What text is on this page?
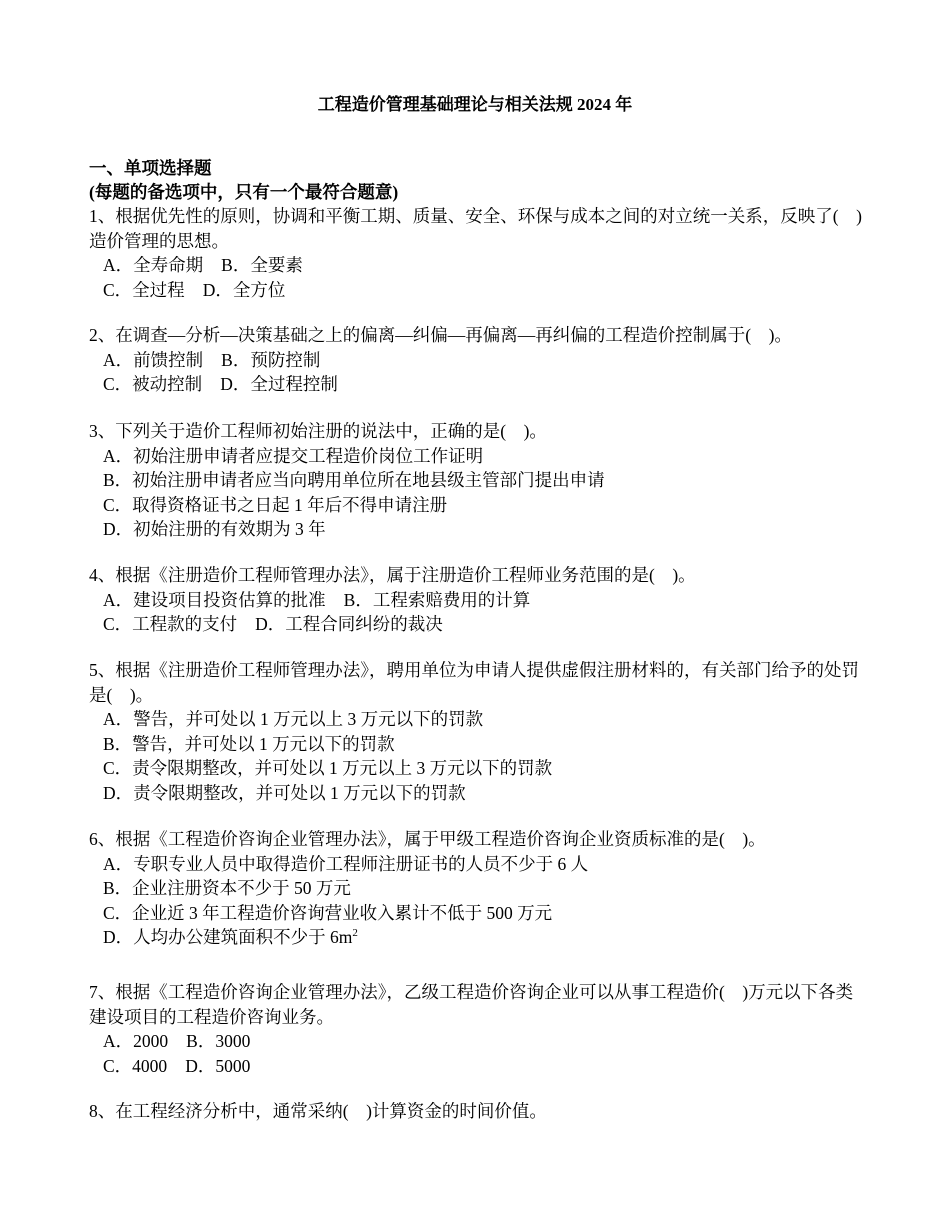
工程造价管理基础理论与相关法规 2024 年
一、单项选择题
(每题的备选项中，只有一个最符合题意)

1、根据优先性的原则，协调和平衡工期、质量、安全、环保与成本之间的对立统一关系，反映了(　)造价管理的思想。

A．全寿命期 B．全要素

C．全过程 D．全方位

2、在调查—分析—决策基础之上的偏离—纠偏—再偏离—再纠偏的工程造价控制属于(　)。

A．前馈控制 B．预防控制

C．被动控制 D．全过程控制

3、下列关于造价工程师初始注册的说法中，正确的是(　)。

A．初始注册申请者应提交工程造价岗位工作证明

B．初始注册申请者应当向聘用单位所在地县级主管部门提出申请

C．取得资格证书之日起 1 年后不得申请注册

D．初始注册的有效期为 3 年

4、根据《注册造价工程师管理办法》，属于注册造价工程师业务范围的是(　)。

A．建设项目投资估算的批准 B．工程索赔费用的计算

C．工程款的支付 D．工程合同纠纷的裁决

5、根据《注册造价工程师管理办法》，聘用单位为申请人提供虚假注册材料的，有关部门给予的处罚是(　)。

A．警告，并可处以 1 万元以上 3 万元以下的罚款

B．警告，并可处以 1 万元以下的罚款

C．责令限期整改，并可处以 1 万元以上 3 万元以下的罚款

D．责令限期整改，并可处以 1 万元以下的罚款

6、根据《工程造价咨询企业管理办法》，属于甲级工程造价咨询企业资质标准的是(　)。

A．专职专业人员中取得造价工程师注册证书的人员不少于 6 人

B．企业注册资本不少于 50 万元

C．企业近 3 年工程造价咨询营业收入累计不低于 500 万元

D．人均办公建筑面积不少于 $6m^2$

7、根据《工程造价咨询企业管理办法》，乙级工程造价咨询企业可以从事工程造价(　)万元以下各类建设项目的工程造价咨询业务。

A．2000 B．3000

C．4000 D．5000

8、在工程经济分析中，通常采纳(　)计算资金的时间价值。
